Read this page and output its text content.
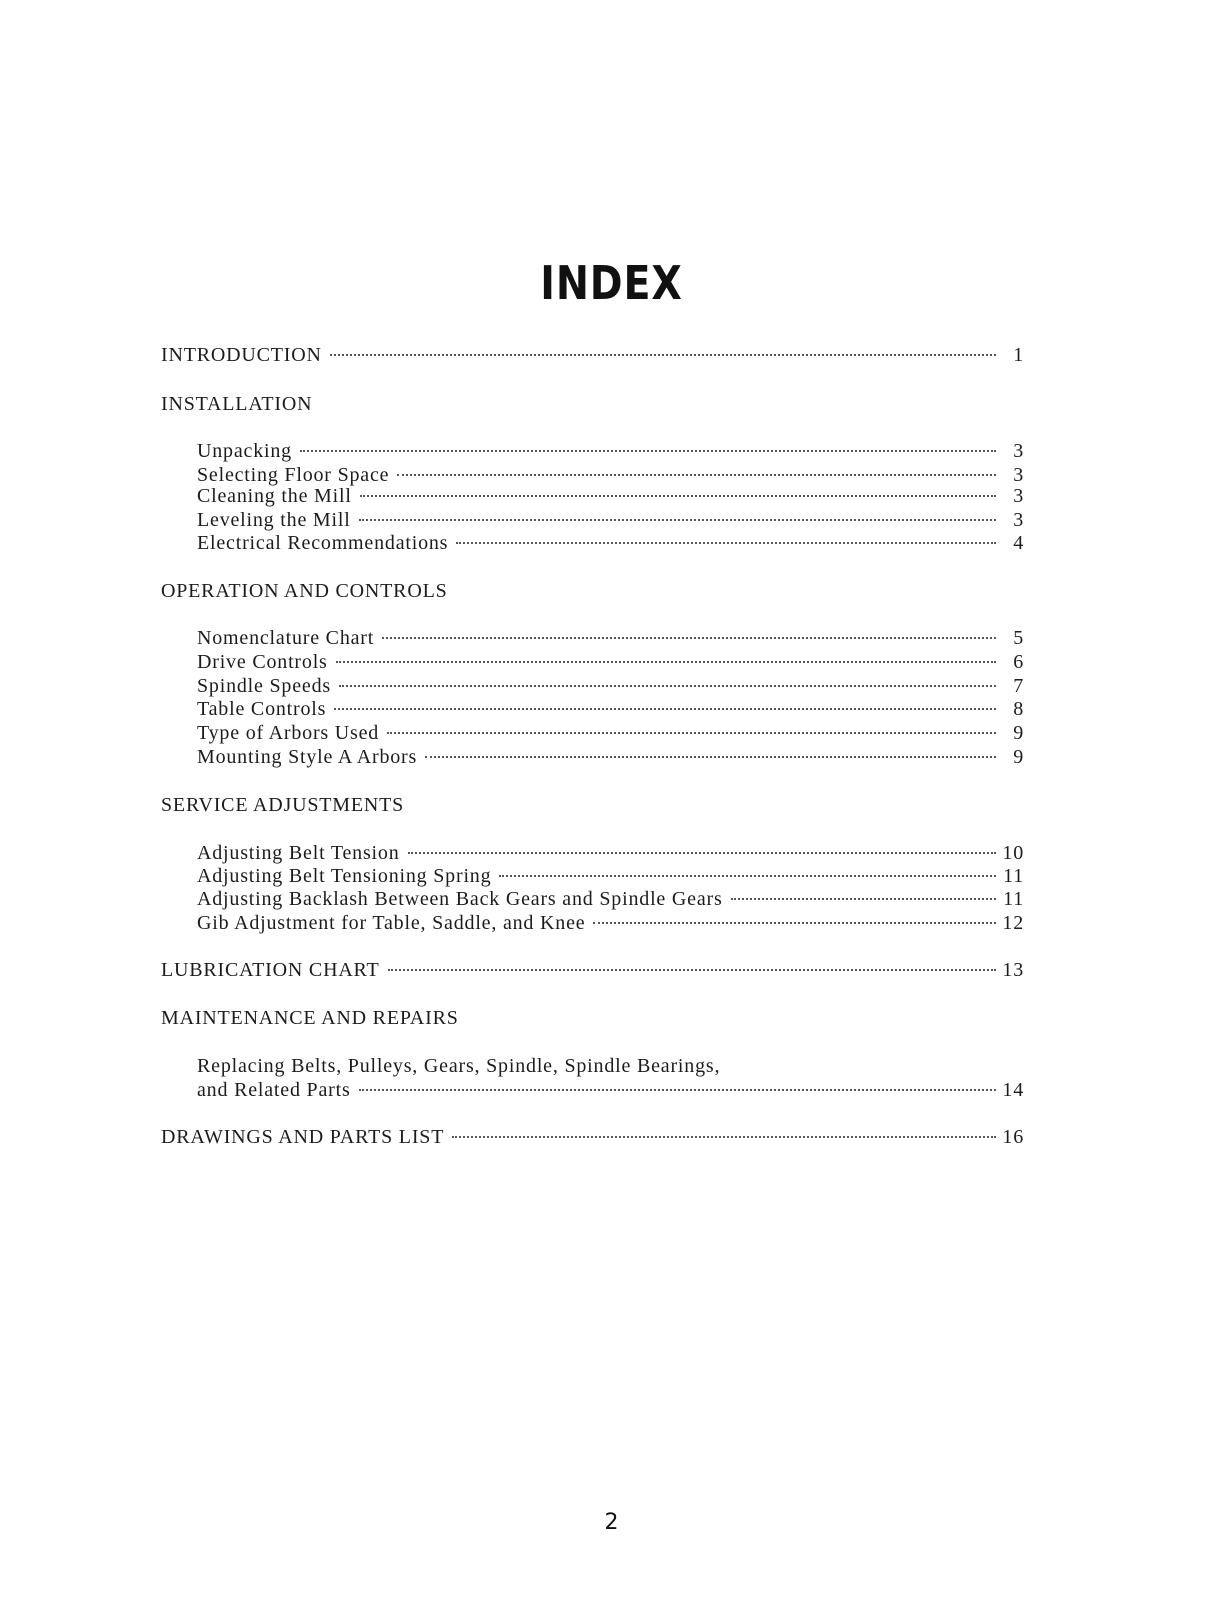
INDEX
INTRODUCTION	1
INSTALLATION
Unpacking	3
Selecting Floor Space	3
Cleaning the Mill	3
Leveling the Mill	3
Electrical Recommendations	4
OPERATION AND CONTROLS
Nomenclature Chart	5
Drive Controls	6
Spindle Speeds	7
Table Controls	8
Type of Arbors Used	9
Mounting Style A Arbors	9
SERVICE ADJUSTMENTS
Adjusting Belt Tension	10
Adjusting Belt Tensioning Spring	11
Adjusting Backlash Between Back Gears and Spindle Gears	11
Gib Adjustment for Table, Saddle, and Knee	12
LUBRICATION CHART	13
MAINTENANCE AND REPAIRS
Replacing Belts, Pulleys, Gears, Spindle, Spindle Bearings,
and Related Parts	14
DRAWINGS AND PARTS LIST	16
2
